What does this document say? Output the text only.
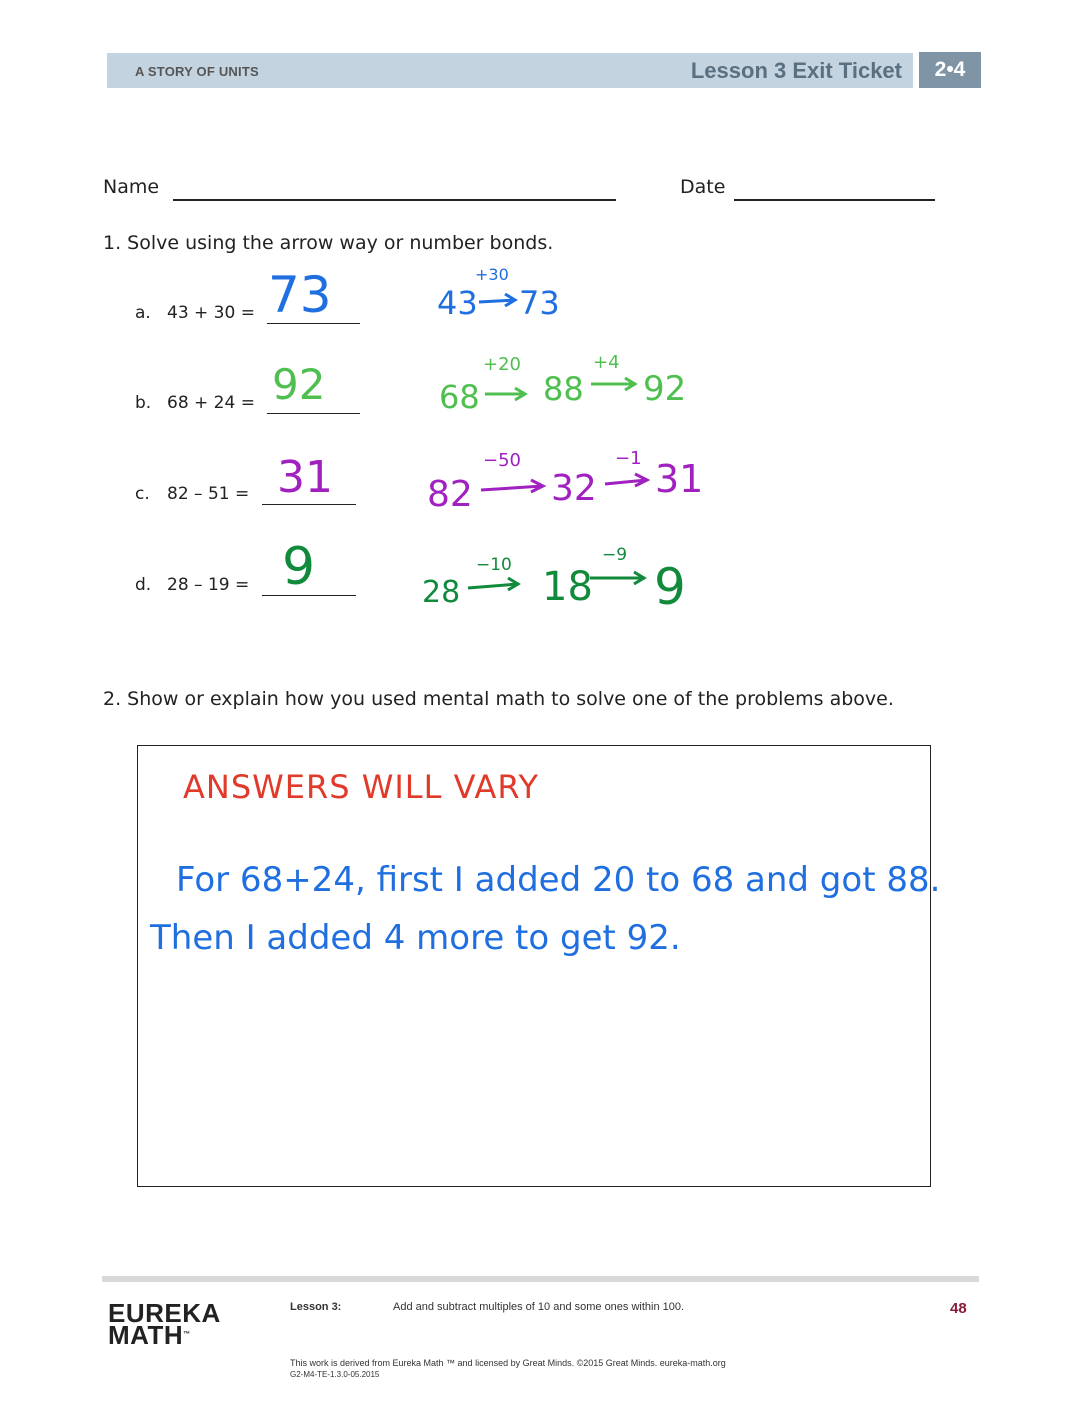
A STORY OF UNITS	Lesson 3 Exit Ticket	2•4
Name	Date
1. Solve using the arrow way or number bonds.
a. 43 + 30 = 73	43
+30
73
b. 68 + 24 = 92	68
+20
88
+4
92
c. 82 – 51 = 31	82
−50
32
−1 31
d. 28 – 19 = 9	28
−10 18
−9
9
2. Show or explain how you used mental math to solve one of the problems above.
ANSWERS WILL VARY
For 68+24, first I added 20 to 68 and got 88.
Then I added 4 more to get 92.
EUREKA
MATH™
Lesson 3:	Add and subtract multiples of 10 and some ones within 100.	48
This work is derived from Eureka Math ™ and licensed by Great Minds. ©2015 Great Minds. eureka-math.org
G2-M4-TE-1.3.0-05.2015
